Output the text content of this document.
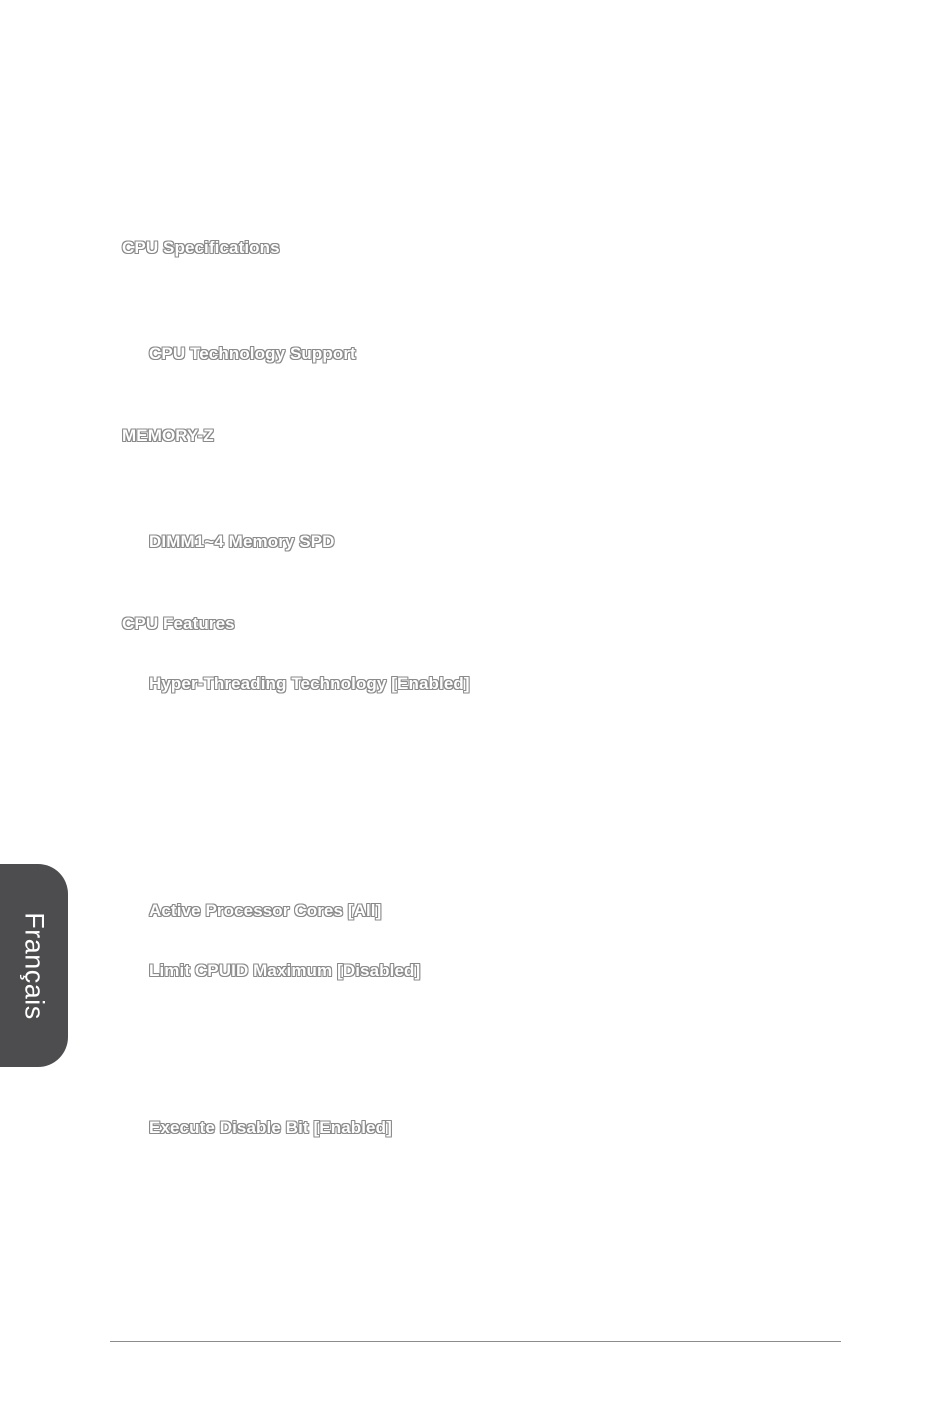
CPU Specifications

CPU Technology Support

MEMORY-Z

DIMM1~4 Memory SPD

CPU Features

Hyper-Threading Technology [Enabled]

Active Processor Cores [All]

Limit CPUID Maximum [Disabled]

Execute Disable Bit [Enabled]

Français
